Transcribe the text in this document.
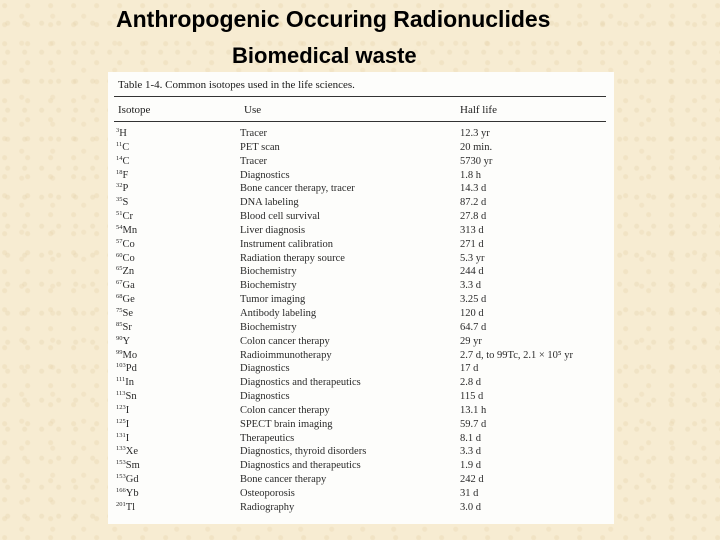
Anthropogenic Occuring Radionuclides
Biomedical waste
Table 1-4. Common isotopes used in the life sciences.
Isotope	Use	Half life
$^3$H	Tracer	12.3 yr
$^{11}$C	PET scan	20 min.
$^{14}$C	Tracer	5730 yr
$^{18}$F	Diagnostics	1.8 h
$^{32}$P	Bone cancer therapy, tracer	14.3 d
$^{35}$S	DNA labeling	87.2 d
$^{51}$Cr	Blood cell survival	27.8 d
$^{54}$Mn	Liver diagnosis	313 d
$^{57}$Co	Instrument calibration	271 d
$^{60}$Co	Radiation therapy source	5.3 yr
$^{65}$Zn	Biochemistry	244 d
$^{67}$Ga	Biochemistry	3.3 d
$^{68}$Ge	Tumor imaging	3.25 d
$^{75}$Se	Antibody labeling	120 d
$^{85}$Sr	Biochemistry	64.7 d
$^{90}$Y	Colon cancer therapy	29 yr
$^{99}$Mo	Radioimmunotherapy	2.7 d, to 99Tc, 2.1 × 10⁵ yr
$^{103}$Pd	Diagnostics	17 d
$^{111}$In	Diagnostics and therapeutics	2.8 d
$^{113}$Sn	Diagnostics	115 d
$^{123}$I	Colon cancer therapy	13.1 h
$^{125}$I	SPECT brain imaging	59.7 d
$^{131}$I	Therapeutics	8.1 d
$^{133}$Xe	Diagnostics, thyroid disorders	3.3 d
$^{153}$Sm	Diagnostics and therapeutics	1.9 d
$^{153}$Gd	Bone cancer therapy	242 d
$^{166}$Yb	Osteoporosis	31 d
$^{201}$Tl	Radiography	3.0 d
